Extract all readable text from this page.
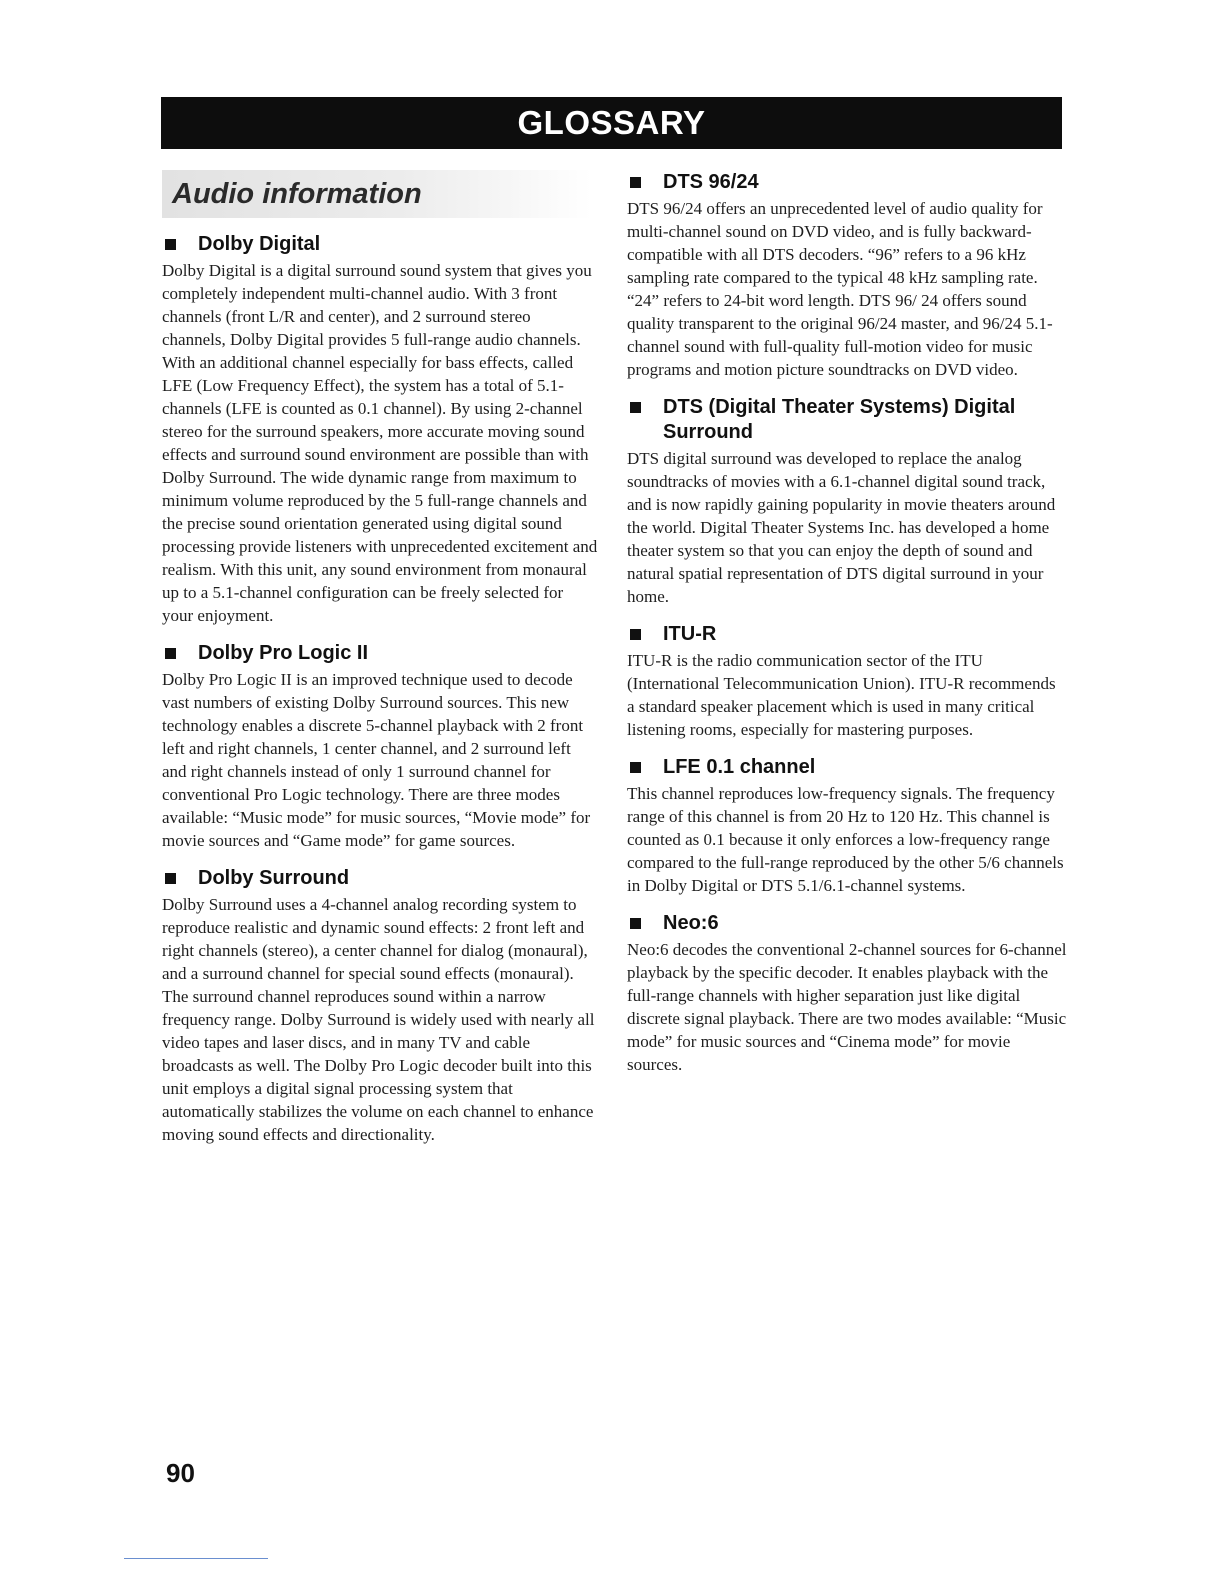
GLOSSARY
Audio information
Dolby Digital

Dolby Digital is a digital surround sound system that gives you completely independent multi-channel audio. With 3 front channels (front L/R and center), and 2 surround stereo channels, Dolby Digital provides 5 full-range audio channels. With an additional channel especially for bass effects, called LFE (Low Frequency Effect), the system has a total of 5.1-channels (LFE is counted as 0.1 channel). By using 2-channel stereo for the surround speakers, more accurate moving sound effects and surround sound environment are possible than with Dolby Surround. The wide dynamic range from maximum to minimum volume reproduced by the 5 full-range channels and the precise sound orientation generated using digital sound processing provide listeners with unprecedented excitement and realism. With this unit, any sound environment from monaural up to a 5.1-channel configuration can be freely selected for your enjoyment.

Dolby Pro Logic II

Dolby Pro Logic II is an improved technique used to decode vast numbers of existing Dolby Surround sources. This new technology enables a discrete 5-channel playback with 2 front left and right channels, 1 center channel, and 2 surround left and right channels instead of only 1 surround channel for conventional Pro Logic technology. There are three modes available: “Music mode” for music sources, “Movie mode” for movie sources and “Game mode” for game sources.

Dolby Surround

Dolby Surround uses a 4-channel analog recording system to reproduce realistic and dynamic sound effects: 2 front left and right channels (stereo), a center channel for dialog (monaural), and a surround channel for special sound effects (monaural). The surround channel reproduces sound within a narrow frequency range. Dolby Surround is widely used with nearly all video tapes and laser discs, and in many TV and cable broadcasts as well. The Dolby Pro Logic decoder built into this unit employs a digital signal processing system that automatically stabilizes the volume on each channel to enhance moving sound effects and directionality.

DTS 96/24

DTS 96/24 offers an unprecedented level of audio quality for multi-channel sound on DVD video, and is fully backward-compatible with all DTS decoders. “96” refers to a 96 kHz sampling rate compared to the typical 48 kHz sampling rate. “24” refers to 24-bit word length. DTS 96/ 24 offers sound quality transparent to the original 96/24 master, and 96/24 5.1-channel sound with full-quality full-motion video for music programs and motion picture soundtracks on DVD video.

DTS (Digital Theater Systems) Digital Surround

DTS digital surround was developed to replace the analog soundtracks of movies with a 6.1-channel digital sound track, and is now rapidly gaining popularity in movie theaters around the world. Digital Theater Systems Inc. has developed a home theater system so that you can enjoy the depth of sound and natural spatial representation of DTS digital surround in your home.

ITU-R

ITU-R is the radio communication sector of the ITU (International Telecommunication Union). ITU-R recommends a standard speaker placement which is used in many critical listening rooms, especially for mastering purposes.

LFE 0.1 channel

This channel reproduces low-frequency signals. The frequency range of this channel is from 20 Hz to 120 Hz. This channel is counted as 0.1 because it only enforces a low-frequency range compared to the full-range reproduced by the other 5/6 channels in Dolby Digital or DTS 5.1/6.1-channel systems.

Neo:6

Neo:6 decodes the conventional 2-channel sources for 6-channel playback by the specific decoder. It enables playback with the full-range channels with higher separation just like digital discrete signal playback. There are two modes available: “Music mode” for music sources and “Cinema mode” for movie sources.

90
